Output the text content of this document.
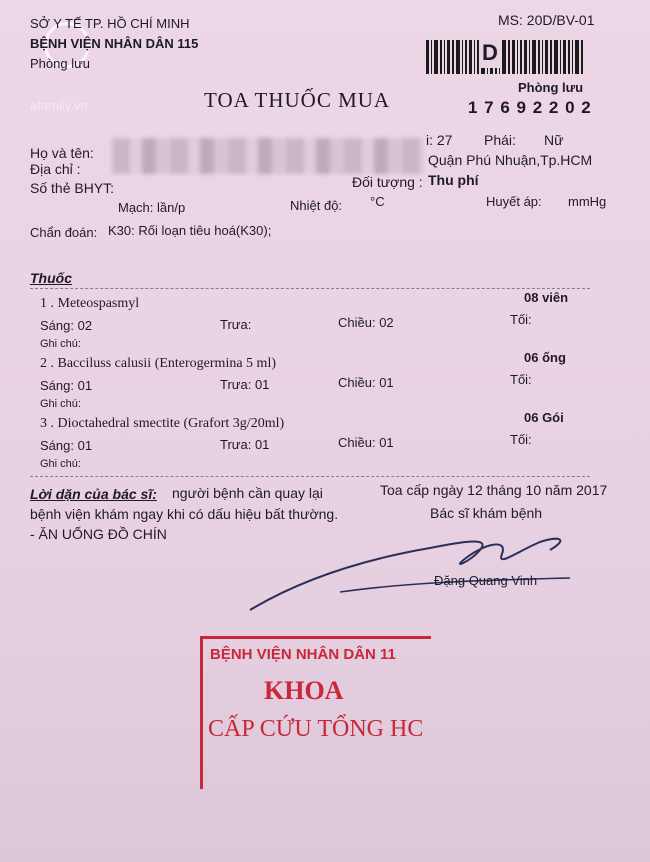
SỞ Y TẾ TP. HỒ CHÍ MINH
BỆNH VIỆN NHÂN DÂN 115
Phòng lưu
afamily.vn
MS: 20D/BV-01
D
Phòng lưu
1 7 6 9 2 2 0 2
TOA THUỐC MUA
Họ và tên:
i: 27 Phái: Nữ
Địa chỉ :
Quận Phú Nhuận,Tp.HCM
Số thẻ BHYT:	Đối tượng : Thu phí
Mạch: lần/p	Nhiệt độ: °C	Huyết áp: mmHg
Chẩn đoán: K30: Rối loạn tiêu hoá(K30);
Thuốc
1 . Meteospasmyl	08 viên
Sáng: 02	Trưa:	Chiều: 02	Tối:
Ghi chú:
2 . Bacciluss calusii (Enterogermina 5 ml)	06 ống
Sáng: 01	Trưa: 01	Chiều: 01	Tối:
Ghi chú:
3 . Dioctahedral smectite (Grafort 3g/20ml)	06 Gói
Sáng: 01	Trưa: 01	Chiều: 01	Tối:
Ghi chú:
Lời dặn của bác sĩ: người bệnh cần quay lại
bệnh viện khám ngay khi có dấu hiệu bất thường.
- ĂN UỐNG ĐỒ CHÍN
Toa cấp ngày 12 tháng 10 năm 2017
Bác sĩ khám bệnh
Đặng Quang Vinh
BỆNH VIỆN NHÂN DÂN 11
KHOA
CẤP CỨU TỔNG HC
